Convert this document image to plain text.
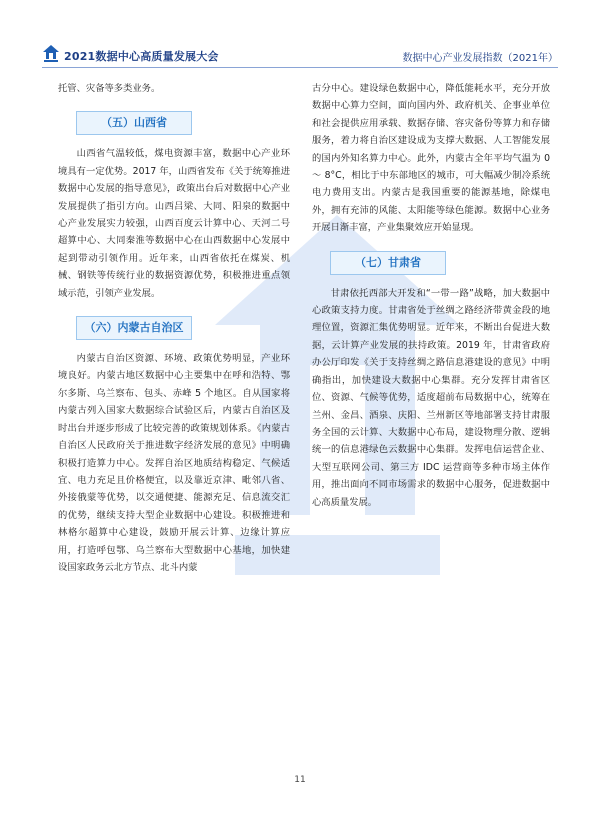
2021数据中心高质量发展大会	数据中心产业发展指数（2021年）

托管、灾备等多类业务。

（五）山西省

山西省气温较低，煤电资源丰富，数据中心产业环境具有一定优势。2017 年，山西省发布《关于统筹推进数据中心发展的指导意见》，政策出台后对数据中心产业发展提供了指引方向。山西吕梁、大同、阳泉的数据中心产业发展实力较强，山西百度云计算中心、天河二号超算中心、大同秦淮等数据中心在山西数据中心发展中起到带动引领作用。近年来，山西省依托在煤炭、机械、钢铁等传统行业的数据资源优势，积极推进重点领域示范，引领产业发展。

（六）内蒙古自治区

内蒙古自治区资源、环境、政策优势明显，产业环境良好。内蒙古地区数据中心主要集中在呼和浩特、鄂尔多斯、乌兰察布、包头、赤峰 5 个地区。自从国家将内蒙古列入国家大数据综合试验区后，内蒙古自治区及时出台并逐步形成了比较完善的政策规划体系。《内蒙古自治区人民政府关于推进数字经济发展的意见》中明确积极打造算力中心。发挥自治区地质结构稳定、气候适宜、电力充足且价格便宜，以及靠近京津、毗邻八省、外接俄蒙等优势，以交通便捷、能源充足、信息流交汇的优势，继续支持大型企业数据中心建设。积极推进和林格尔超算中心建设，鼓励开展云计算、边缘计算应用，打造呼包鄂、乌兰察布大型数据中心基地，加快建设国家政务云北方节点、北斗内蒙

古分中心。建设绿色数据中心，降低能耗水平，充分开放数据中心算力空间，面向国内外、政府机关、企事业单位和社会提供应用承载、数据存储、容灾备份等算力和存储服务，着力将自治区建设成为支撑大数据、人工智能发展的国内外知名算力中心。此外，内蒙古全年平均气温为 0 ～ 8°C，相比于中东部地区的城市，可大幅减少制冷系统电力费用支出。内蒙古是我国重要的能源基地，除煤电外，拥有充沛的风能、太阳能等绿色能源。数据中心业务开展日渐丰富，产业集聚效应开始显现。

（七）甘肃省

甘肃依托西部大开发和“一带一路”战略，加大数据中心政策支持力度。甘肃省处于丝绸之路经济带黄金段的地理位置，资源汇集优势明显。近年来，不断出台促进大数据，云计算产业发展的扶持政策。2019 年，甘肃省政府办公厅印发《关于支持丝绸之路信息港建设的意见》中明确指出，加快建设大数据中心集群。充分发挥甘肃省区位、资源、气候等优势，适度超前布局数据中心，统筹在兰州、金昌、酒泉、庆阳、兰州新区等地部署支持甘肃服务全国的云计算、大数据中心布局，建设物理分散、逻辑统一的信息港绿色云数据中心集群。发挥电信运营企业、大型互联网公司、第三方 IDC 运营商等多种市场主体作用，推出面向不同市场需求的数据中心服务，促进数据中心高质量发展。

11
